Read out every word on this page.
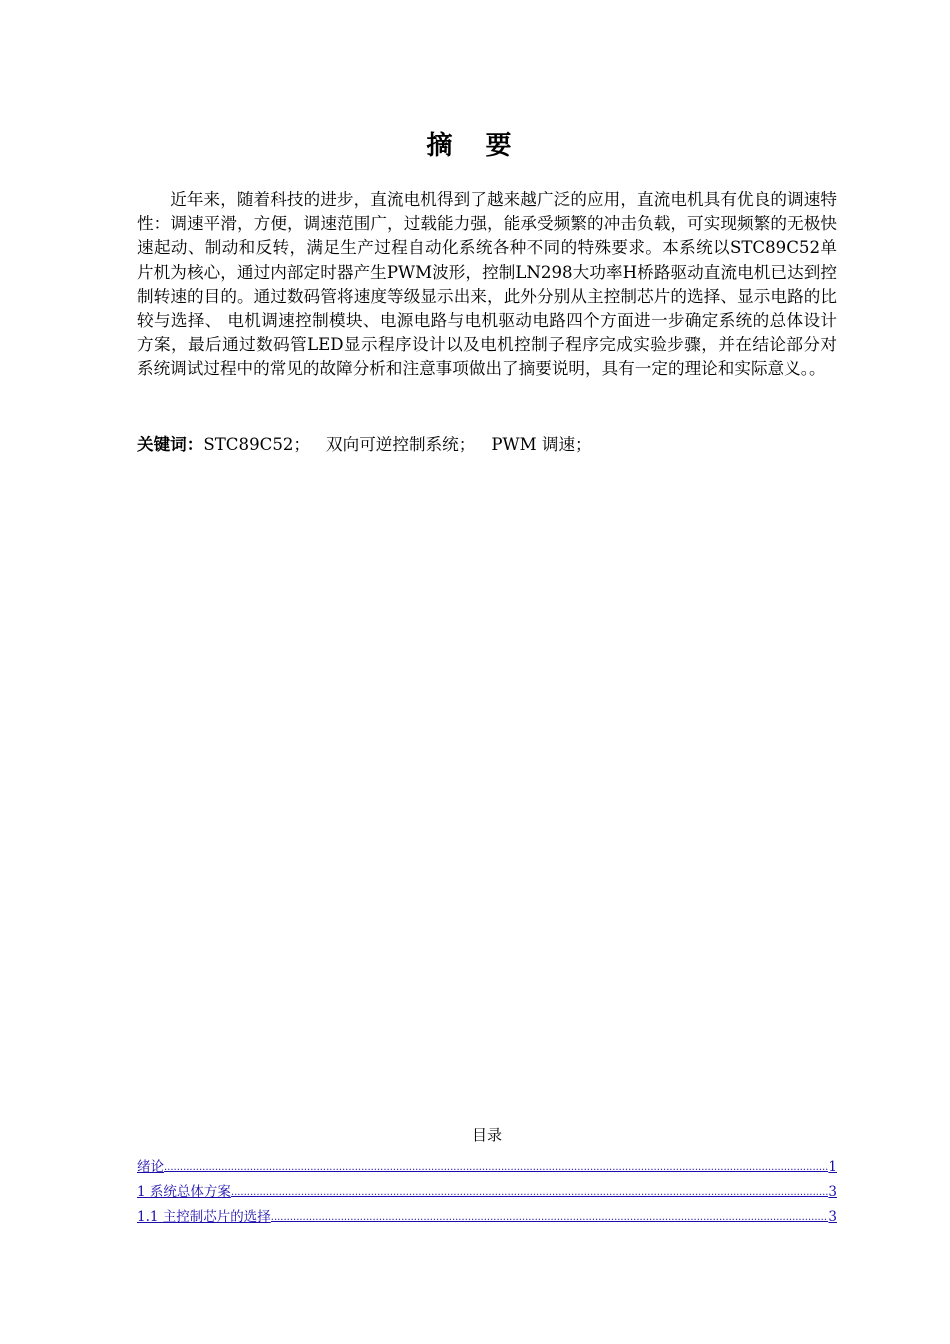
摘 要

近年来，随着科技的进步，直流电机得到了越来越广泛的应用，直流电机具有优良的调速特性：调速平滑，方便，调速范围广，过载能力强，能承受频繁的冲击负载，可实现频繁的无极快速起动、制动和反转，满足生产过程自动化系统各种不同的特殊要求。本系统以STC89C52单片机为核心，通过内部定时器产生PWM波形，控制LN298大功率H桥路驱动直流电机已达到控制转速的目的。通过数码管将速度等级显示出来，此外分别从主控制芯片的选择、显示电路的比较与选择、 电机调速控制模块、电源电路与电机驱动电路四个方面进一步确定系统的总体设计方案，最后通过数码管LED显示程序设计以及电机控制子程序完成实验步骤，并在结论部分对系统调试过程中的常见的故障分析和注意事项做出了摘要说明，具有一定的理论和实际意义。。

关键词：STC89C52； 双向可逆控制系统； PWM 调速；
目录
绪论 .....	1
1 系统总体方案 .....	3
1.1 主控制芯片的选择 .....	3
